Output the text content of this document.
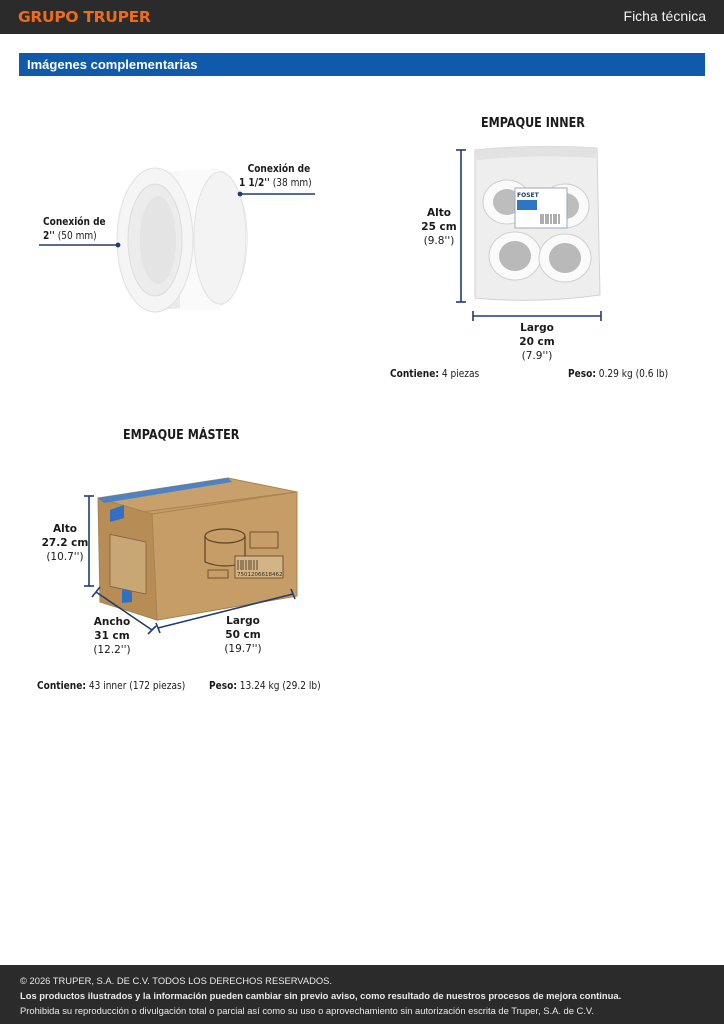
GRUPO TRUPER	Ficha técnica
Imágenes complementarias
Conexión de
2'' (50 mm)
Conexión de
1 1/2'' (38 mm)
EMPAQUE INNER
FOSET
Alto
25 cm
(9.8'')
Largo
20 cm
(7.9'')
Contiene: 4 piezas	Peso: 0.29 kg (0.6 lb)
EMPAQUE MÁSTER
7501206618462
Alto
27.2 cm
(10.7'')
Ancho
31 cm
(12.2'')
Largo
50 cm
(19.7'')
Contiene: 43 inner (172 piezas) Peso: 13.24 kg (29.2 lb)
© 2026 TRUPER, S.A. DE C.V. TODOS LOS DERECHOS RESERVADOS.
Los productos ilustrados y la información pueden cambiar sin previo aviso, como resultado de nuestros procesos de mejora continua.
Prohibida su reproducción o divulgación total o parcial así como su uso o aprovechamiento sin autorización escrita de Truper, S.A. de C.V.
